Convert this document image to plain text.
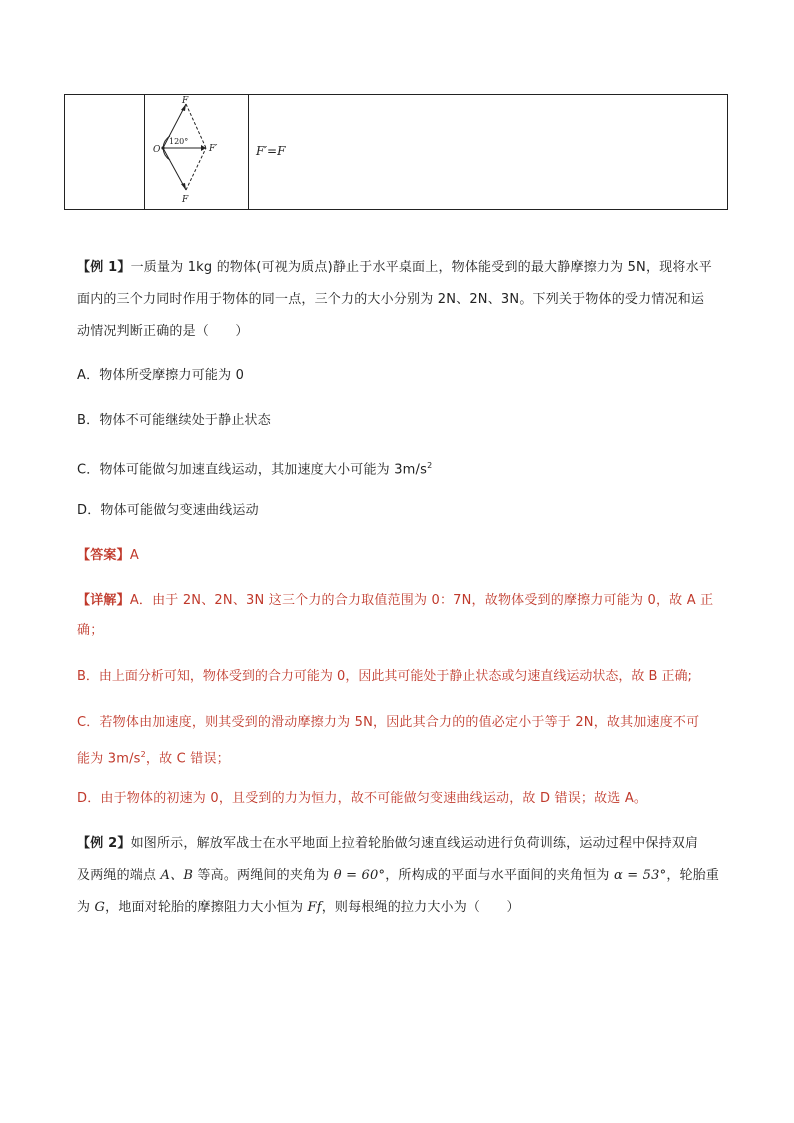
F
F
O	F′
120°
F′=F

【例 1】一质量为 1kg 的物体(可视为质点)静止于水平桌面上，物体能受到的最大静摩擦力为 5N，现将水平

面内的三个力同时作用于物体的同一点，三个力的大小分别为 2N、2N、3N。下列关于物体的受力情况和运

动情况判断正确的是（　　）

A．物体所受摩擦力可能为 0

B．物体不可能继续处于静止状态

C．物体可能做匀加速直线运动，其加速度大小可能为 $3m/s^2$

D．物体可能做匀变速曲线运动

【答案】A

【详解】A．由于 2N、2N、3N 这三个力的合力取值范围为 0：7N，故物体受到的摩擦力可能为 0，故 A 正

确；

B．由上面分析可知，物体受到的合力可能为 0，因此其可能处于静止状态或匀速直线运动状态，故 B 正确;

C．若物体由加速度，则其受到的滑动摩擦力为 5N，因此其合力的的值必定小于等于 2N，故其加速度不可

能为 $3m/s^2$，故 C 错误；

D．由于物体的初速为 0，且受到的力为恒力，故不可能做匀变速曲线运动，故 D 错误；故选 A。

【例 2】如图所示，解放军战士在水平地面上拉着轮胎做匀速直线运动进行负荷训练，运动过程中保持双肩

及两绳的端点 A、B 等高。两绳间的夹角为 θ = 60°，所构成的平面与水平面间的夹角恒为 α = 53°，轮胎重

为 G，地面对轮胎的摩擦阻力大小恒为 Ff，则每根绳的拉力大小为（　　）
